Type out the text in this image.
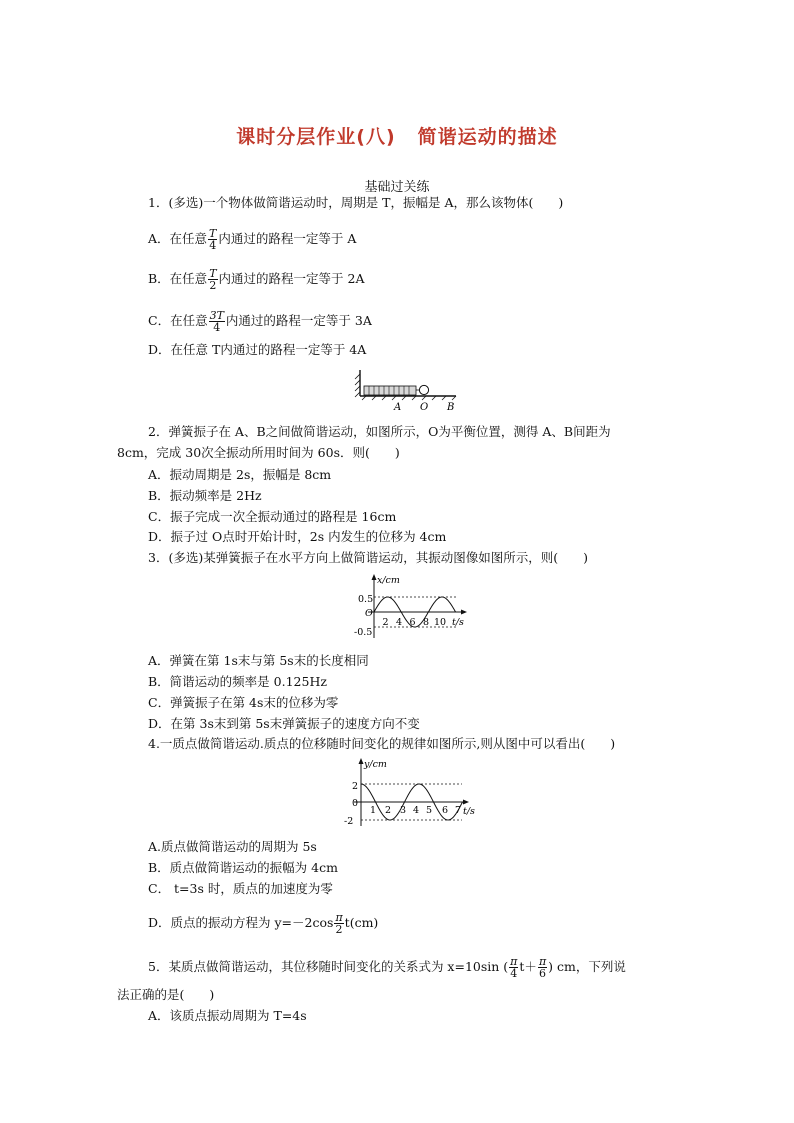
课时分层作业(八) 简谐运动的描述
基础过关练
1．(多选)一个物体做简谐运动时，周期是 T，振幅是 A，那么该物体(　　)
A．在任意 $\frac{T}{4}$ 内通过的路程一定等于 A
B．在任意 $\frac{T}{2}$ 内通过的路程一定等于 2A
C．在任意 $\frac{3T}{4}$ 内通过的路程一定等于 3A
D．在任意 T内通过的路程一定等于 4A
A O B
2．弹簧振子在 A、B之间做简谐运动，如图所示，O为平衡位置，测得 A、B间距为
8cm，完成 30次全振动所用时间为 60s．则(　　)
A．振动周期是 2s，振幅是 8cm
B．振动频率是 2Hz
C．振子完成一次全振动通过的路程是 16cm
D．振子过 O点时开始计时，2s 内发生的位移为 4cm
3．(多选)某弹簧振子在水平方向上做简谐运动，其振动图像如图所示，则(　　)
x/cm
t/s
0.5
O
-0.5
2 4 6 8 10
A．弹簧在第 1s末与第 5s末的长度相同
B．简谐运动的频率是 0.125Hz
C．弹簧振子在第 4s末的位移为零
D．在第 3s末到第 5s末弹簧振子的速度方向不变
4.一质点做简谐运动.质点的位移随时间变化的规律如图所示,则从图中可以看出(　　)
y/cm
t/s
2
0
-2
1 2 3 4 5 6 7
A.质点做简谐运动的周期为 5s
B．质点做简谐运动的振幅为 4cm
C． t=3s 时，质点的加速度为零
D．质点的振动方程为 $y=-2\cos \frac{\pi}{2} t(cm)$
5．某质点做简谐运动，其位移随时间变化的关系式为 x=10sin ( $\frac{\pi}{4} t+ \frac{\pi}{6}$ ) cm，下列说
法正确的是(　　)
A．该质点振动周期为 T=4s
